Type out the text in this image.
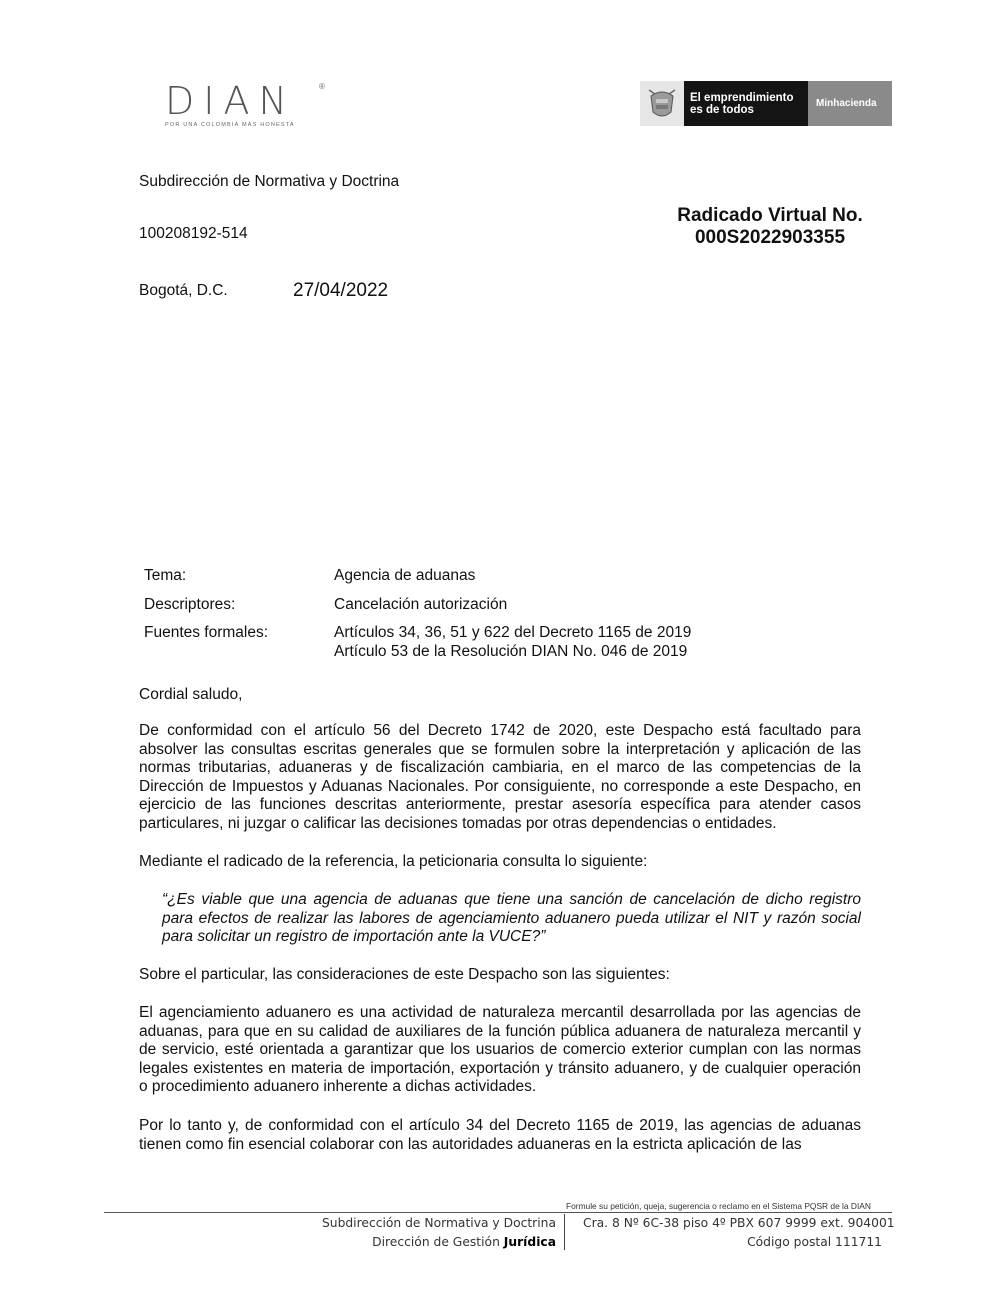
DIAN	®
POR UNA COLOMBIA MÁS HONESTA
El emprendimiento
es de todos	Minhacienda
Subdirección de Normativa y Doctrina
100208192-514
Radicado Virtual No.
000S2022903355
Bogotá, D.C.	27/04/2022
Tema:	Agencia de aduanas
Descriptores:	Cancelación autorización
Fuentes formales:	Artículos 34, 36, 51 y 622 del Decreto 1165 de 2019
Artículo 53 de la Resolución DIAN No. 046 de 2019
Cordial saludo,
De conformidad con el artículo 56 del Decreto 1742 de 2020, este Despacho está facultado para absolver las consultas escritas generales que se formulen sobre la interpretación y aplicación de las normas tributarias, aduaneras y de fiscalización cambiaria, en el marco de las competencias de la Dirección de Impuestos y Aduanas Nacionales. Por consiguiente, no corresponde a este Despacho, en ejercicio de las funciones descritas anteriormente, prestar asesoría específica para atender casos particulares, ni juzgar o calificar las decisiones tomadas por otras dependencias o entidades.
Mediante el radicado de la referencia, la peticionaria consulta lo siguiente:
“¿Es viable que una agencia de aduanas que tiene una sanción de cancelación de dicho registro para efectos de realizar las labores de agenciamiento aduanero pueda utilizar el NIT y razón social para solicitar un registro de importación ante la VUCE?”
Sobre el particular, las consideraciones de este Despacho son las siguientes:
El agenciamiento aduanero es una actividad de naturaleza mercantil desarrollada por las agencias de aduanas, para que en su calidad de auxiliares de la función pública aduanera de naturaleza mercantil y de servicio, esté orientada a garantizar que los usuarios de comercio exterior cumplan con las normas legales existentes en materia de importación, exportación y tránsito aduanero, y de cualquier operación o procedimiento aduanero inherente a dichas actividades.
Por lo tanto y, de conformidad con el artículo 34 del Decreto 1165 de 2019, las agencias de aduanas tienen como fin esencial colaborar con las autoridades aduaneras en la estricta aplicación de las
Formule su petición, queja, sugerencia o reclamo en el Sistema PQSR de la DIAN
Subdirección de Normativa y Doctrina
Dirección de Gestión Jurídica
Cra. 8 Nº 6C-38 piso 4º PBX 607 9999 ext. 904001
Código postal 111711
